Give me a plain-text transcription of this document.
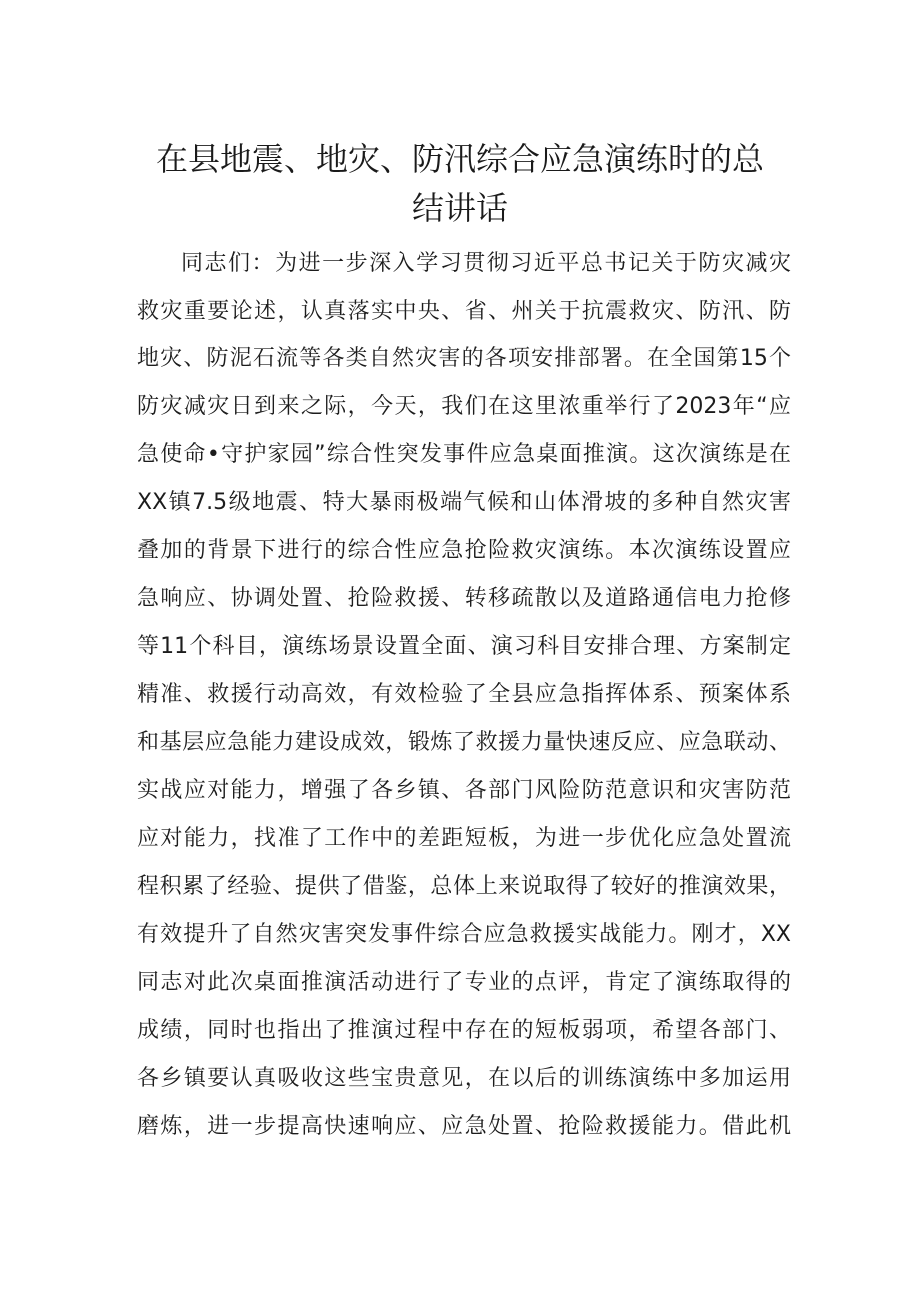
在县地震、地灾、防汛综合应急演练时的总
结讲话
同志们：为进一步深入学习贯彻习近平总书记关于防灾减灾
救灾重要论述，认真落实中央、省、州关于抗震救灾、防汛、防
地灾、防泥石流等各类自然灾害的各项安排部署。在全国第15个
防灾减灾日到来之际，今天，我们在这里浓重举行了2023年“应
急使命•守护家园”综合性突发事件应急桌面推演。这次演练是在
XX镇7.5级地震、特大暴雨极端气候和山体滑坡的多种自然灾害
叠加的背景下进行的综合性应急抢险救灾演练。本次演练设置应
急响应、协调处置、抢险救援、转移疏散以及道路通信电力抢修
等11个科目，演练场景设置全面、演习科目安排合理、方案制定
精准、救援行动高效，有效检验了全县应急指挥体系、预案体系
和基层应急能力建设成效，锻炼了救援力量快速反应、应急联动、
实战应对能力，增强了各乡镇、各部门风险防范意识和灾害防范
应对能力，找准了工作中的差距短板，为进一步优化应急处置流
程积累了经验、提供了借鉴，总体上来说取得了较好的推演效果，
有效提升了自然灾害突发事件综合应急救援实战能力。刚才，XX
同志对此次桌面推演活动进行了专业的点评，肯定了演练取得的
成绩，同时也指出了推演过程中存在的短板弱项，希望各部门、
各乡镇要认真吸收这些宝贵意见，在以后的训练演练中多加运用
磨炼，进一步提高快速响应、应急处置、抢险救援能力。借此机
